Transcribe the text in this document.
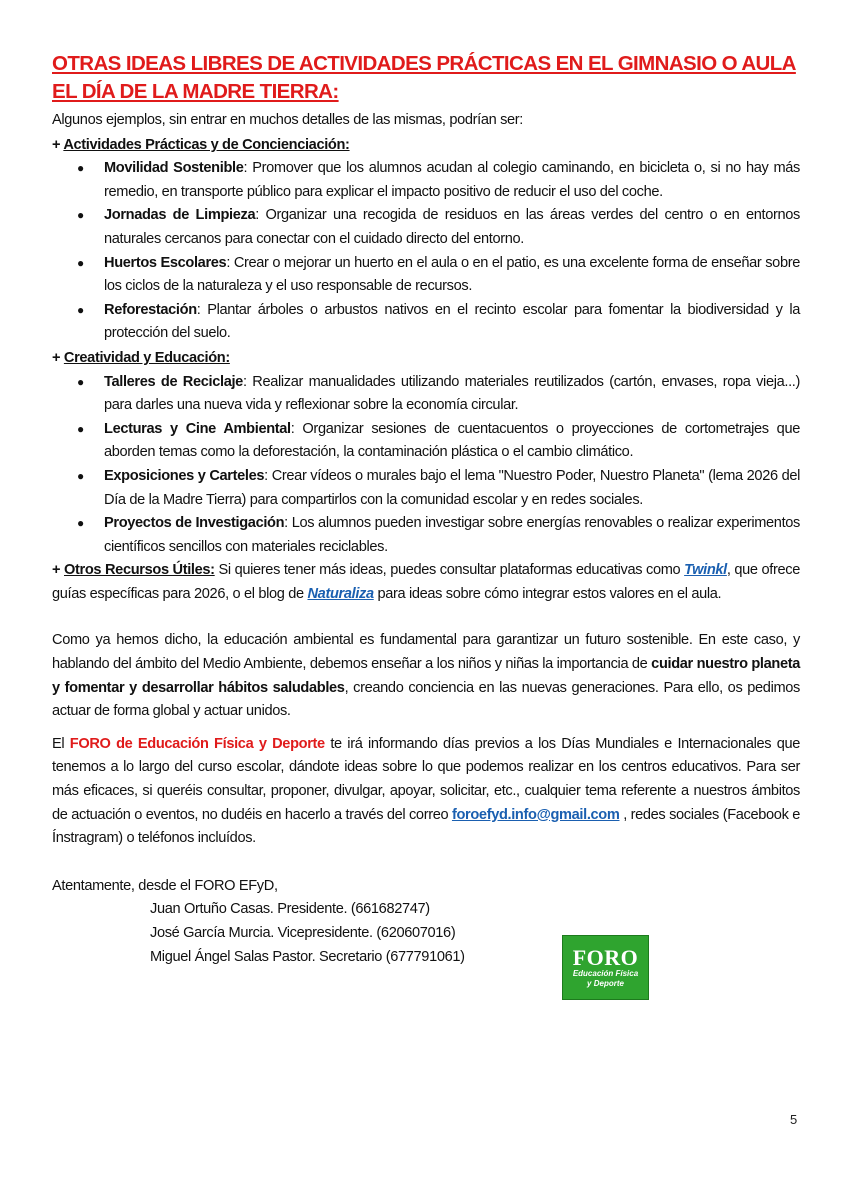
OTRAS IDEAS LIBRES DE ACTIVIDADES PRÁCTICAS EN EL GIMNASIO O AULA EL DÍA DE LA MADRE TIERRA:

Algunos ejemplos, sin entrar en muchos detalles de las mismas, podrían ser:

+ Actividades Prácticas y de Concienciación:
● Movilidad Sostenible: Promover que los alumnos acudan al colegio caminando, en bicicleta o, si no hay más remedio, en transporte público para explicar el impacto positivo de reducir el uso del coche.
● Jornadas de Limpieza: Organizar una recogida de residuos en las áreas verdes del centro o en entornos naturales cercanos para conectar con el cuidado directo del entorno.
● Huertos Escolares: Crear o mejorar un huerto en el aula o en el patio, es una excelente forma de enseñar sobre los ciclos de la naturaleza y el uso responsable de recursos.
● Reforestación: Plantar árboles o arbustos nativos en el recinto escolar para fomentar la biodiversidad y la protección del suelo.
+ Creatividad y Educación:
● Talleres de Reciclaje: Realizar manualidades utilizando materiales reutilizados (cartón, envases, ropa vieja...) para darles una nueva vida y reflexionar sobre la economía circular.
● Lecturas y Cine Ambiental: Organizar sesiones de cuentacuentos o proyecciones de cortometrajes que aborden temas como la deforestación, la contaminación plástica o el cambio climático.
● Exposiciones y Carteles: Crear vídeos o murales bajo el lema "Nuestro Poder, Nuestro Planeta" (lema 2026 del Día de la Madre Tierra) para compartirlos con la comunidad escolar y en redes sociales.
● Proyectos de Investigación: Los alumnos pueden investigar sobre energías renovables o realizar experimentos científicos sencillos con materiales reciclables.

+ Otros Recursos Útiles: Si quieres tener más ideas, puedes consultar plataformas educativas como Twinkl, que ofrece guías específicas para 2026, o el blog de Naturaliza para ideas sobre cómo integrar estos valores en el aula.

Como ya hemos dicho, la educación ambiental es fundamental para garantizar un futuro sostenible. En este caso, y hablando del ámbito del Medio Ambiente, debemos enseñar a los niños y niñas la importancia de cuidar nuestro planeta y fomentar y desarrollar hábitos saludables, creando conciencia en las nuevas generaciones. Para ello, os pedimos actuar de forma global y actuar unidos.

El FORO de Educación Física y Deporte te irá informando días previos a los Días Mundiales e Internacionales que tenemos a lo largo del curso escolar, dándote ideas sobre lo que podemos realizar en los centros educativos. Para ser más eficaces, si queréis consultar, proponer, divulgar, apoyar, solicitar, etc., cualquier tema referente a nuestros ámbitos de actuación o eventos, no dudéis en hacerlo a través del correo foroefyd.info@gmail.com , redes sociales (Facebook e Ínstragram) o teléfonos incluídos.

Atentamente, desde el FORO EFyD,
Juan Ortuño Casas. Presidente. (661682747)
José García Murcia. Vicepresidente. (620607016)
Miguel Ángel Salas Pastor. Secretario (677791061)	FORO
Educación Física
y Deporte
5
